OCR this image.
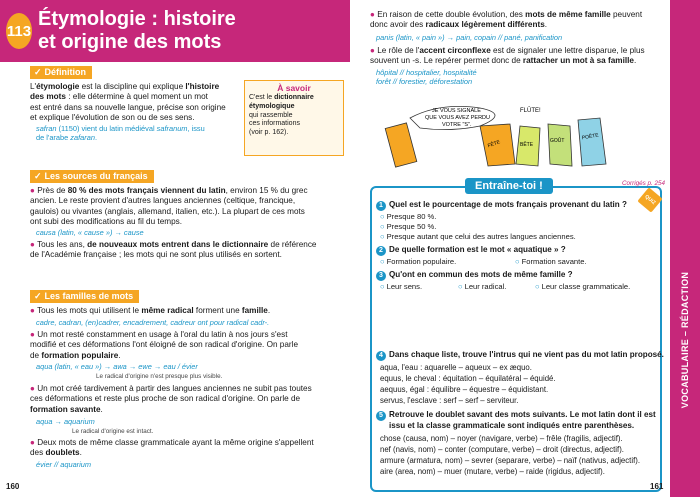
113
Étymologie : histoire
et origine des mots
✓ Définition
L'étymologie est la discipline qui explique l'histoire
des mots : elle détermine à quel moment un mot
est entré dans sa nouvelle langue, précise son origine
et explique l'évolution de son ou de ses sens.
safran (1150) vient du latin médiéval safranum, issu
de l'arabe zafaran.
À savoir
C'est le dictionnaire
étymologique
qui rassemble
ces informations
(voir p. 162).
✓ Les sources du français
● Près de 80 % des mots français viennent du latin, environ 15 % du grec
ancien. Le reste provient d'autres langues anciennes (celtique, francique,
gaulois) ou vivantes (anglais, allemand, italien, etc.). La plupart de ces mots
ont subi des modifications au fil du temps.
causa (latin, « cause ») → cause
● Tous les ans, de nouveaux mots entrent dans le dictionnaire de référence
de l'Académie française ; les mots qui ne sont plus utilisés en sortent.
✓ Les familles de mots
● Tous les mots qui utilisent le même radical forment une famille.
cadre, cadran, (en)cadrer, encadrement, cadreur ont pour radical cadr-.
● Un mot resté constamment en usage à l'oral du latin à nos jours s'est
modifié et ces déformations l'ont éloigné de son radical d'origine. On parle
de formation populaire.
aqua (latin, « eau ») → awa → ewe → eau / évier
Le radical d'origine n'est presque plus visible.
● Un mot créé tardivement à partir des langues anciennes ne subit pas toutes
ces déformations et reste plus proche de son radical d'origine. On parle de
formation savante.
aqua → aquarium
Le radical d'origine est intact.
● Deux mots de même classe grammaticale ayant la même origine s'appellent
des doublets.
évier // aquarium
160
● En raison de cette double évolution, des mots de même famille peuvent
donc avoir des radicaux légèrement différents.
panis (latin, « pain ») → pain, copain // pané, panification
● Le rôle de l'accent circonflexe est de signaler une lettre disparue, le plus
souvent un -s. Le repérer permet donc de rattacher un mot à sa famille.
hôpital // hospitalier, hospitalité
forêt // forestier, déforestation
JE VOUS SIGNALE
QUE VOUS AVEZ PERDU
VOTRE "S".
FLÛTE!
FÊTE	BÊTE
GOÛT	POÊTE
Entraîne-toi !	Corrigés p. 254
QUIZ
1 Quel est le pourcentage de mots français provenant du latin ?
○ Presque 80 %.
○ Presque 50 %.
○ Presque autant que celui des autres langues anciennes.
2 De quelle formation est le mot « aquatique » ?
○ Formation populaire.	○ Formation savante.
3 Qu'ont en commun des mots de même famille ?
○ Leur sens.	○ Leur radical.	○ Leur classe grammaticale.
4 Dans chaque liste, trouve l'intrus qui ne vient pas du mot latin proposé.
aqua, l'eau : aquarelle – aqueux – ex æquo.
equus, le cheval : équitation – équilatéral – équidé.
aequus, égal : équilibre – équestre – équidistant.
servus, l'esclave : serf – serf – serviteur.
5 Retrouve le doublet savant des mots suivants. Le mot latin dont il est
issu et la classe grammaticale sont indiqués entre parenthèses.
chose (causa, nom) – noyer (navigare, verbe) – frêle (fragilis, adjectif).
nef (navis, nom) – conter (computare, verbe) – droit (directus, adjectif).
armure (armatura, nom) – sevrer (separare, verbe) – naïf (nativus, adjectif).
aire (area, nom) – muer (mutare, verbe) – raide (rigidus, adjectif).
VOCABULAIRE – RÉDACTION
161
